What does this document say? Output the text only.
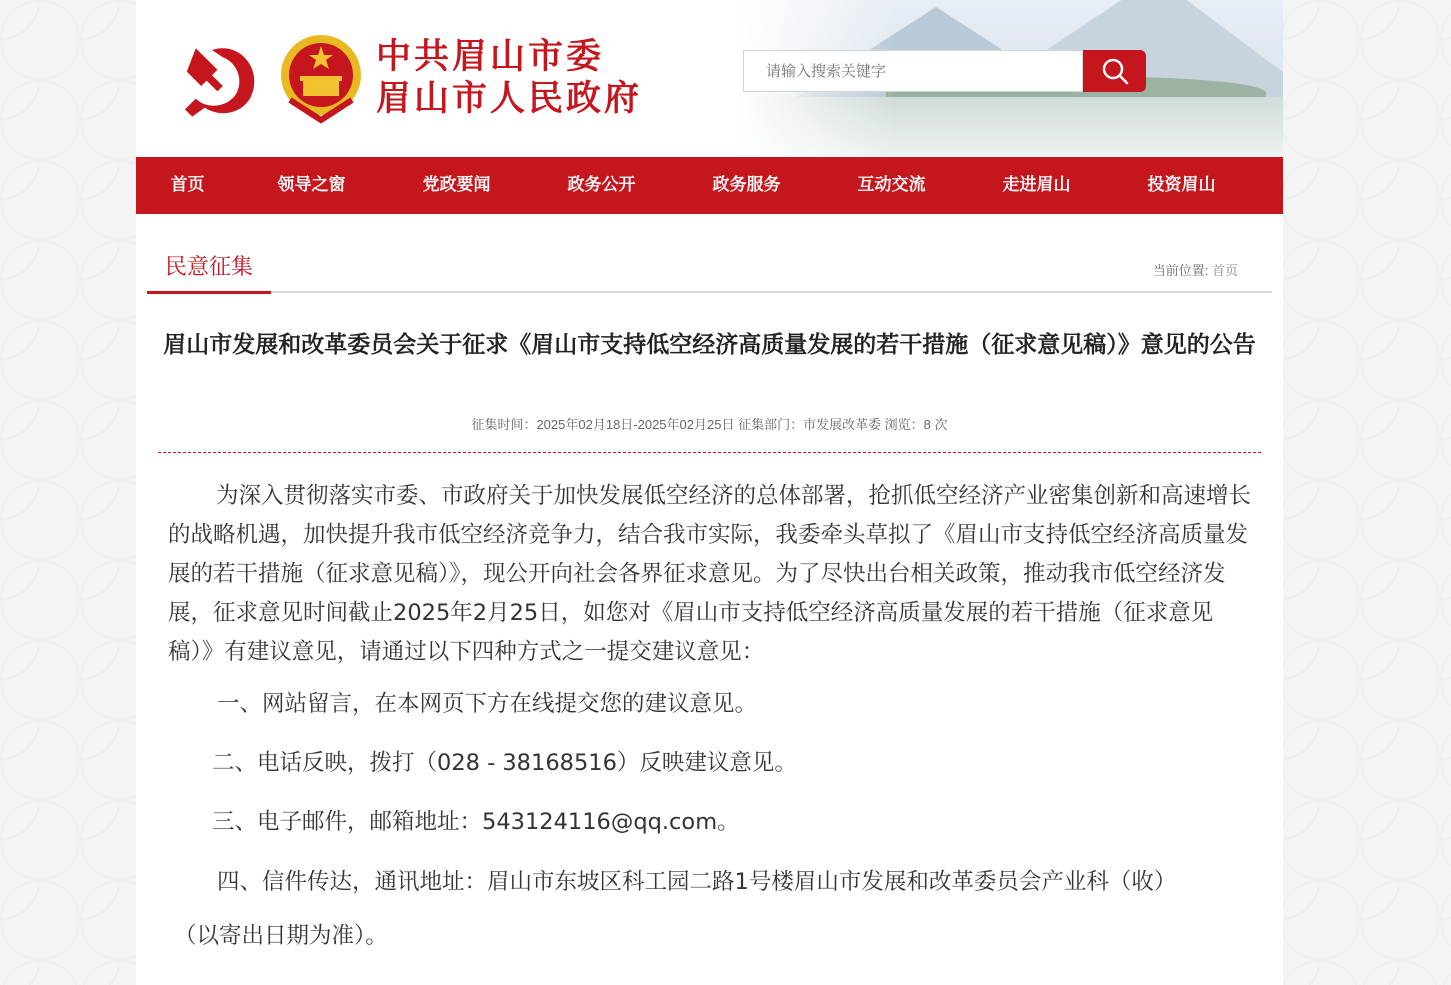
中共眉山市委
眉山市人民政府
请输入搜索关键字
首页	领导之窗	党政要闻	政务公开	政务服务	互动交流	走进眉山	投资眉山
民意征集	当前位置: 首页
眉山市发展和改革委员会关于征求《眉山市支持低空经济高质量发展的若干措施（征求意见稿）》意见的公告
征集时间：2025年02月18日-2025年02月25日 征集部门：市发展改革委 浏览：8 次

为深入贯彻落实市委、市政府关于加快发展低空经济的总体部署，抢抓低空经济产业密集创新和高速增长的战略机遇，加快提升我市低空经济竞争力，结合我市实际，我委牵头草拟了《眉山市支持低空经济高质量发展的若干措施（征求意见稿）》，现公开向社会各界征求意见。为了尽快出台相关政策，推动我市低空经济发展，征求意见时间截止2025年2月25日，如您对《眉山市支持低空经济高质量发展的若干措施（征求意见稿）》有建议意见，请通过以下四种方式之一提交建议意见：

一、网站留言，在本网页下方在线提交您的建议意见。
二、电话反映，拨打（028 - 38168516）反映建议意见。
三、电子邮件，邮箱地址：543124116@qq.com。
四、信件传达，通讯地址：眉山市东坡区科工园二路1号楼眉山市发展和改革委员会产业科（收）
（以寄出日期为准）。
